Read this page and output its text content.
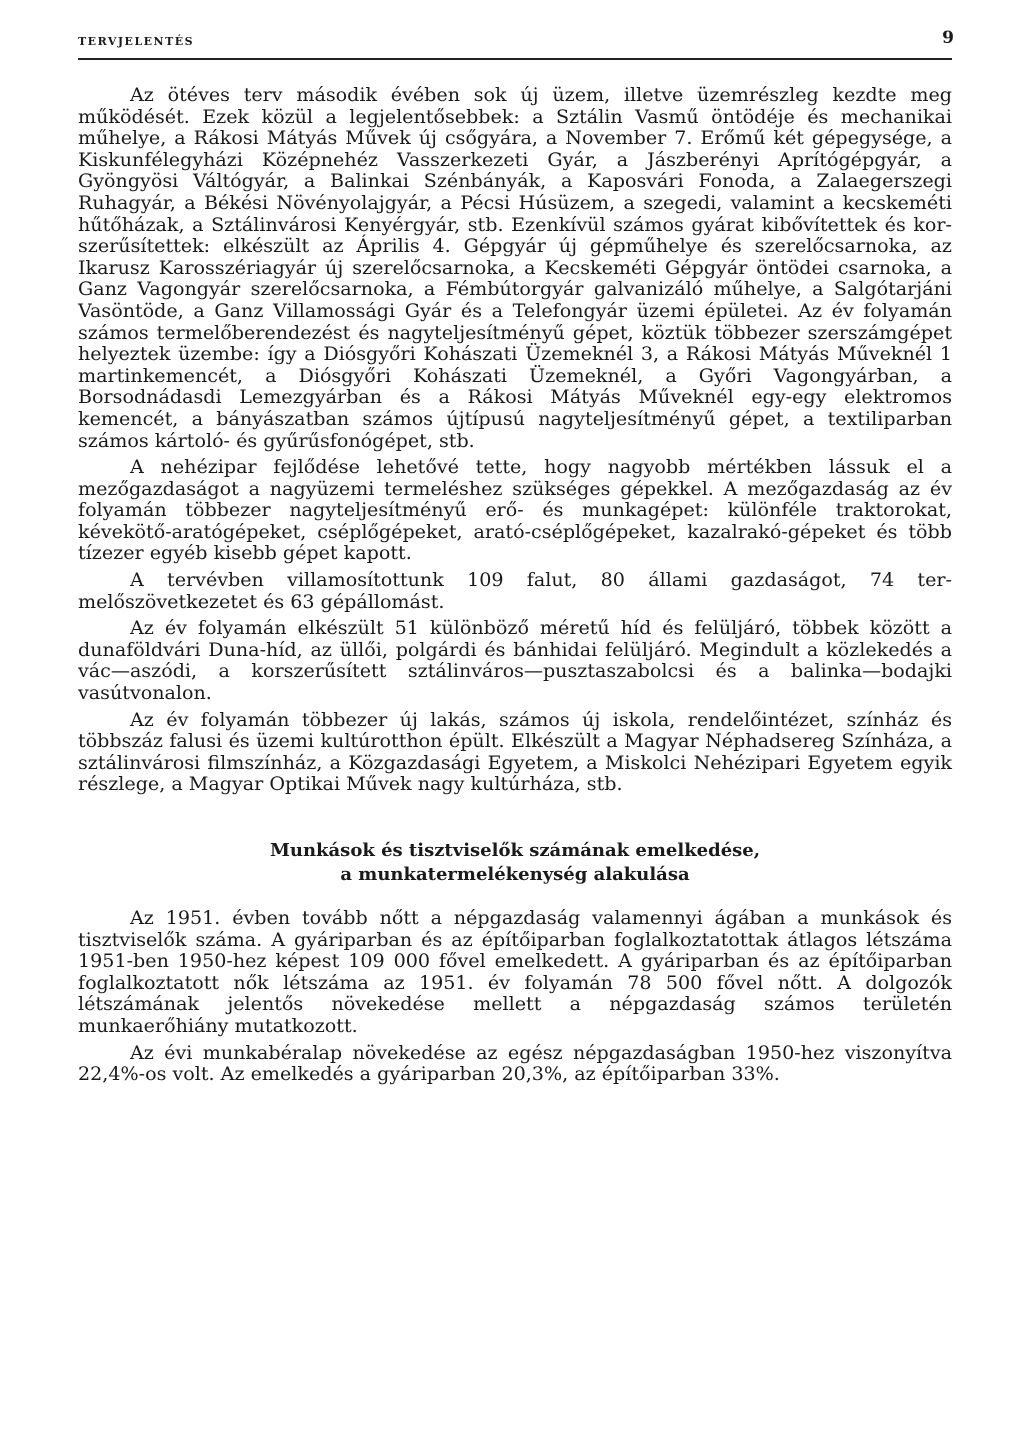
TERVJELENTÉS	9

Az ötéves terv második évében sok új üzem, illetve üzemrészleg kezdte meg működését. Ezek közül a legjelentősebbek: a Sztálin Vasmű öntödéje és mechanikai műhelye, a Rákosi Mátyás Művek új csőgyára, a November 7. Erőmű két gépegysége, a Kiskunfélegyházi Középnehéz Vasszerkezeti Gyár, a Jászberényi Aprítógépgyár, a Gyöngyösi Váltógyár, a Balinkai Szénbányák, a Kaposvári Fonoda, a Zalaegerszegi Ruhagyár, a Békési Növényolajgyár, a Pécsi Húsüzem, a szegedi, valamint a kecskeméti hűtőházak, a Sztálinvárosi Kenyérgyár, stb. Ezenkívül számos gyárat kibővítettek és korszerűsítettek: elkészült az Április 4. Gépgyár új gépműhelye és szerelőcsarnoka, az Ikarusz Karosszériagyár új szerelőcsarnoka, a Kecskeméti Gépgyár öntödei csarnoka, a Ganz Vagongyár szerelőcsarnoka, a Fémbútorgyár galvanizáló műhelye, a Salgótarjáni Vasöntöde, a Ganz Villamossági Gyár és a Telefongyár üzemi épületei. Az év folyamán számos termelőberendezést és nagyteljesítményű gépet, köztük többezer szerszámgépet helyeztek üzembe: így a Diósgyőri Kohászati Üzemeknél 3, a Rákosi Mátyás Műveknél 1 martinkemencét, a Diósgyőri Kohászati Üzemeknél, a Győri Vagongyárban, a Borsodnádasdi Lemezgyárban és a Rákosi Mátyás Műveknél egy-egy elektromos kemencét, a bányászatban számos újtípusú nagyteljesítményű gépet, a textiliparban számos kártoló- és gyűrűsfonógépet, stb.

A nehézipar fejlődése lehetővé tette, hogy nagyobb mértékben lássuk el a mezőgazdaságot a nagyüzemi termeléshez szükséges gépekkel. A mezőgazdaság az év folyamán többezer nagyteljesítményű erő- és munkagépet: különféle traktorokat, kévekötő-aratógépeket, cséplőgépeket, arató-cséplőgépeket, kazalrakó-gépeket és több tízezer egyéb kisebb gépet kapott.

A tervévben villamosítottunk 109 falut, 80 állami gazdaságot, 74 termelőszövetkezetet és 63 gépállomást.

Az év folyamán elkészült 51 különböző méretű híd és felüljáró, többek között a dunaföldvári Duna-híd, az üllői, polgárdi és bánhidai felüljáró. Megindult a közlekedés a vác—aszódi, a korszerűsített sztálinváros—pusztaszabolcsi és a balinka—bodajki vasútvonalon.

Az év folyamán többezer új lakás, számos új iskola, rendelőintézet, színház és többszáz falusi és üzemi kultúrotthon épült. Elkészült a Magyar Néphadsereg Színháza, a sztálinvárosi filmszínház, a Közgazdasági Egyetem, a Miskolci Nehézipari Egyetem egyik részlege, a Magyar Optikai Művek nagy kultúrháza, stb.

Munkások és tisztviselők számának emelkedése,
a munkatermelékenység alakulása

Az 1951. évben tovább nőtt a népgazdaság valamennyi ágában a munkások és tisztviselők száma. A gyáriparban és az építőiparban foglalkoztatottak átlagos létszáma 1951-ben 1950-hez képest 109 000 fővel emelkedett. A gyáriparban és az építőiparban foglalkoztatott nők létszáma az 1951. év folyamán 78 500 fővel nőtt. A dolgozók létszámának jelentős növekedése mellett a népgazdaság számos területén munkaerőhiány mutatkozott.

Az évi munkabéralap növekedése az egész népgazdaságban 1950-hez viszonyítva 22,4%-os volt. Az emelkedés a gyáriparban 20,3%, az építőiparban 33%.
